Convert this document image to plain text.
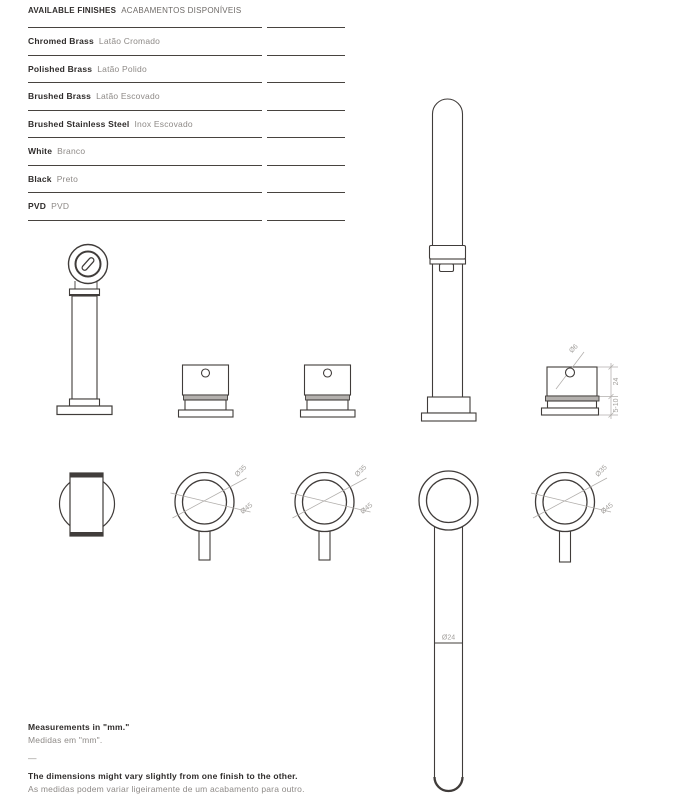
AVAILABLE FINISHES ACABAMENTOS DISPONÍVEIS
Chromed Brass Latão Cromado
Polished Brass Latão Polido
Brushed Brass Latão Escovado
Brushed Stainless Steel Inox Escovado
White Branco
Black Preto
PVD PVD
Ø6
24
5-10
Ø35
Ø45
Ø35
Ø45
Ø24
Ø35
Ø45
Measurements in "mm."
Medidas em "mm".
—
The dimensions might vary slightly from one finish to the other.
As medidas podem variar ligeiramente de um acabamento para outro.
